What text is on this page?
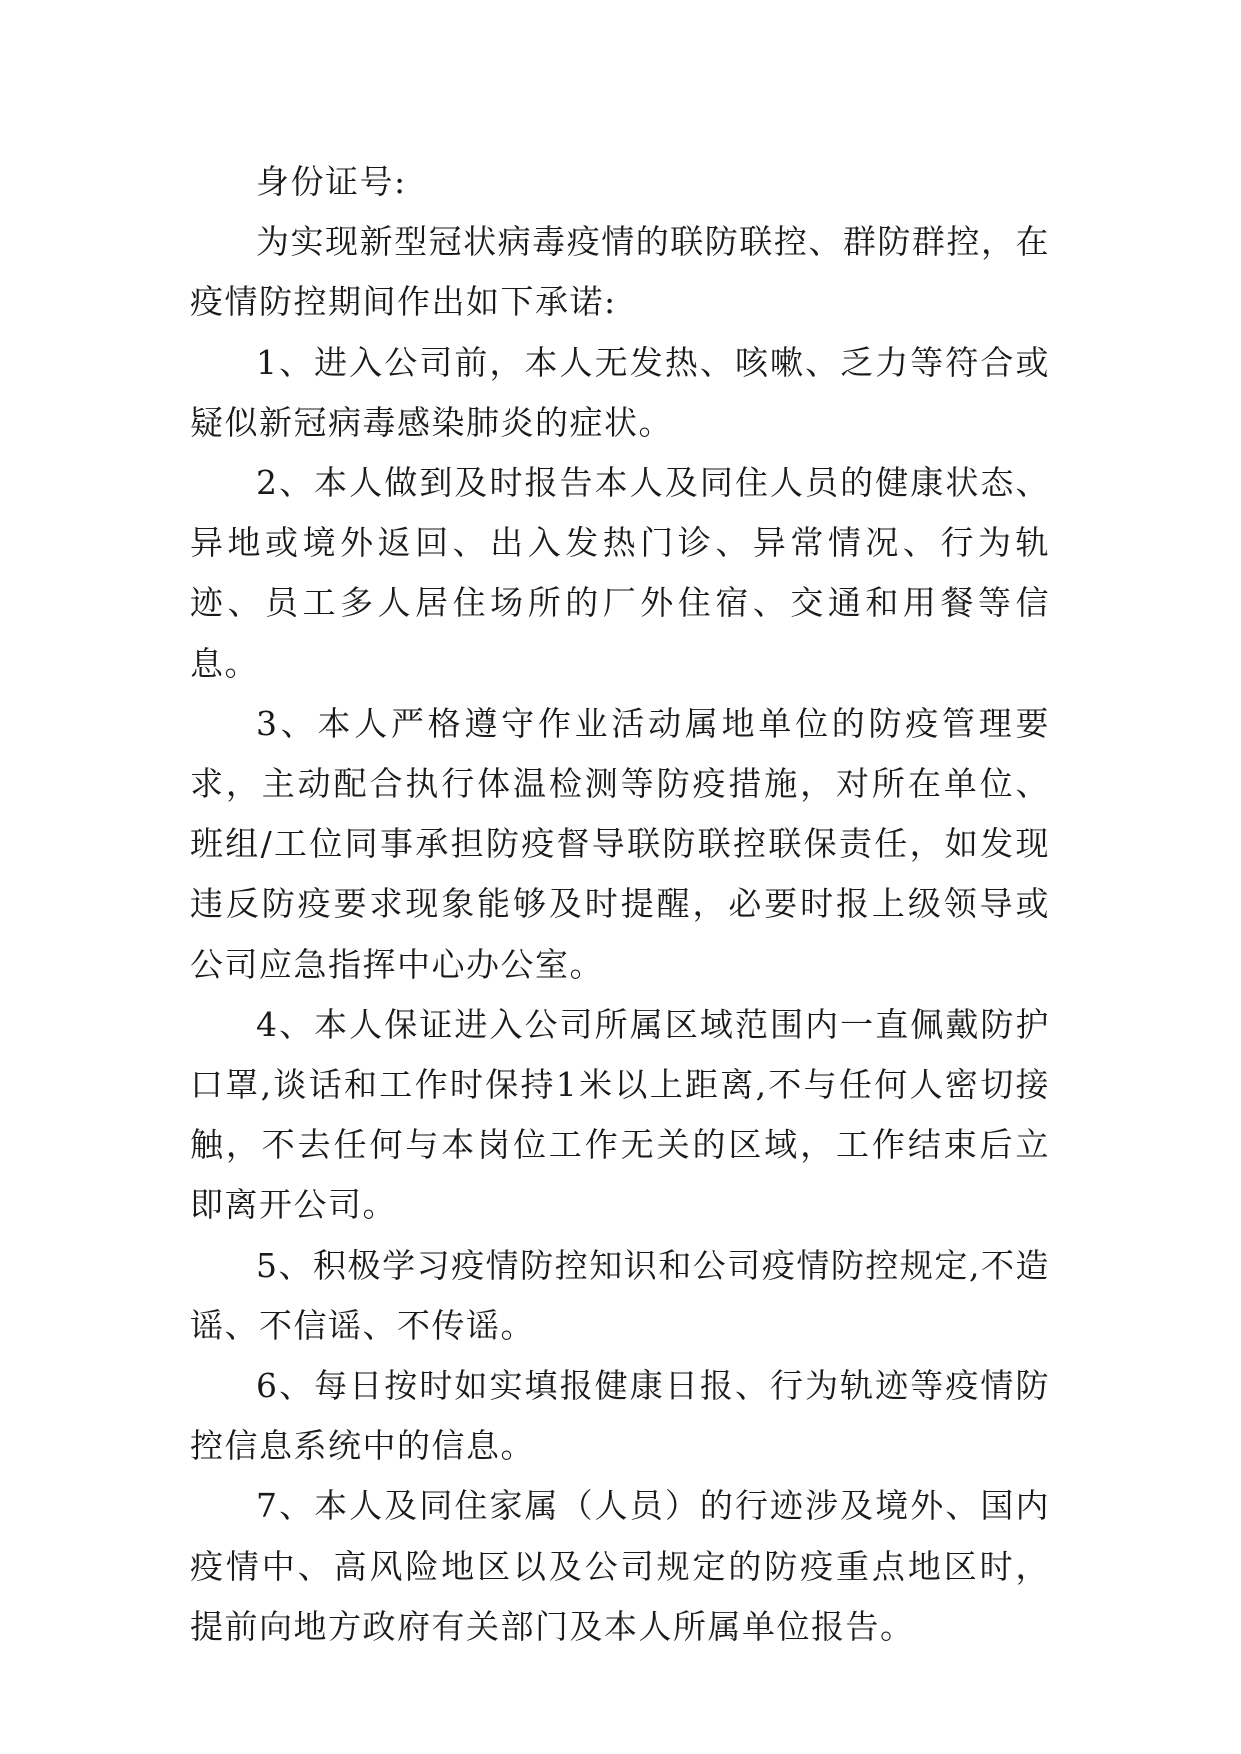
身份证号:

为实现新型冠状病毒疫情的联防联控、群防群控，在疫情防控期间作出如下承诺:

1、进入公司前，本人无发热、咳嗽、乏力等符合或疑似新冠病毒感染肺炎的症状。

2、本人做到及时报告本人及同住人员的健康状态、异地或境外返回、出入发热门诊、异常情况、行为轨迹、员工多人居住场所的厂外住宿、交通和用餐等信息。

3、本人严格遵守作业活动属地单位的防疫管理要求，主动配合执行体温检测等防疫措施，对所在单位、班组/工位同事承担防疫督导联防联控联保责任，如发现违反防疫要求现象能够及时提醒，必要时报上级领导或公司应急指挥中心办公室。

4、本人保证进入公司所属区域范围内一直佩戴防护口罩,谈话和工作时保持1米以上距离,不与任何人密切接触，不去任何与本岗位工作无关的区域，工作结束后立即离开公司。

5、积极学习疫情防控知识和公司疫情防控规定,不造谣、不信谣、不传谣。

6、每日按时如实填报健康日报、行为轨迹等疫情防控信息系统中的信息。

7、本人及同住家属（人员）的行迹涉及境外、国内疫情中、高风险地区以及公司规定的防疫重点地区时，提前向地方政府有关部门及本人所属单位报告。
